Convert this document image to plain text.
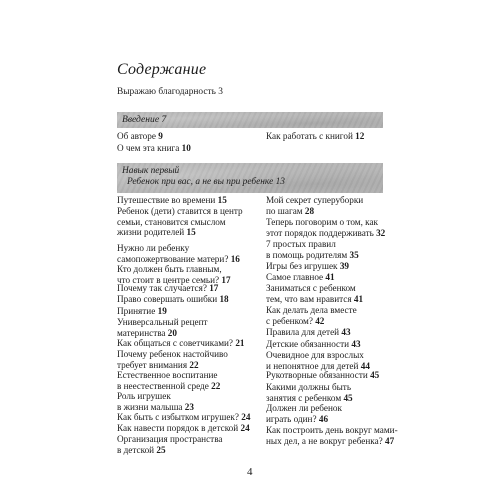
Содержание
Выражаю благодарность 3
Введение 7
Об авторе 9
О чем эта книга 10
Как работать с книгой 12
Навык первый
Ребенок при вас, а не вы при ребенке 13
Путешествие во времени 15
Ребенок (дети) ставится в центр
семьи, становится смыслом
жизни родителей 15
Нужно ли ребенку
самопожертвование матери? 16
Кто должен быть главным,
что стоит в центре семьи? 17
Почему так случается? 17
Право совершать ошибки 18
Принятие 19
Универсальный рецепт
материнства 20
Как общаться с советчиками? 21
Почему ребенок настойчиво
требует внимания 22
Естественное воспитание
в неестественной среде 22
Роль игрушек
в жизни малыша 23
Как быть с избытком игрушек? 24
Как навести порядок в детской 24
Организация пространства
в детской 25
Мой секрет суперуборки
по шагам 28
Теперь поговорим о том, как
этот порядок поддерживать 32
7 простых правил
в помощь родителям 35
Игры без игрушек 39
Самое главное 41
Заниматься с ребенком
тем, что вам нравится 41
Как делать дела вместе
с ребенком? 42
Правила для детей 43
Детские обязанности 43
Очевидное для взрослых
и непонятное для детей 44
Рукотворные обязанности 45
Какими должны быть
занятия с ребенком 45
Должен ли ребенок
играть один? 46
Как построить день вокруг мами-
ных дел, а не вокруг ребенка? 47
4
